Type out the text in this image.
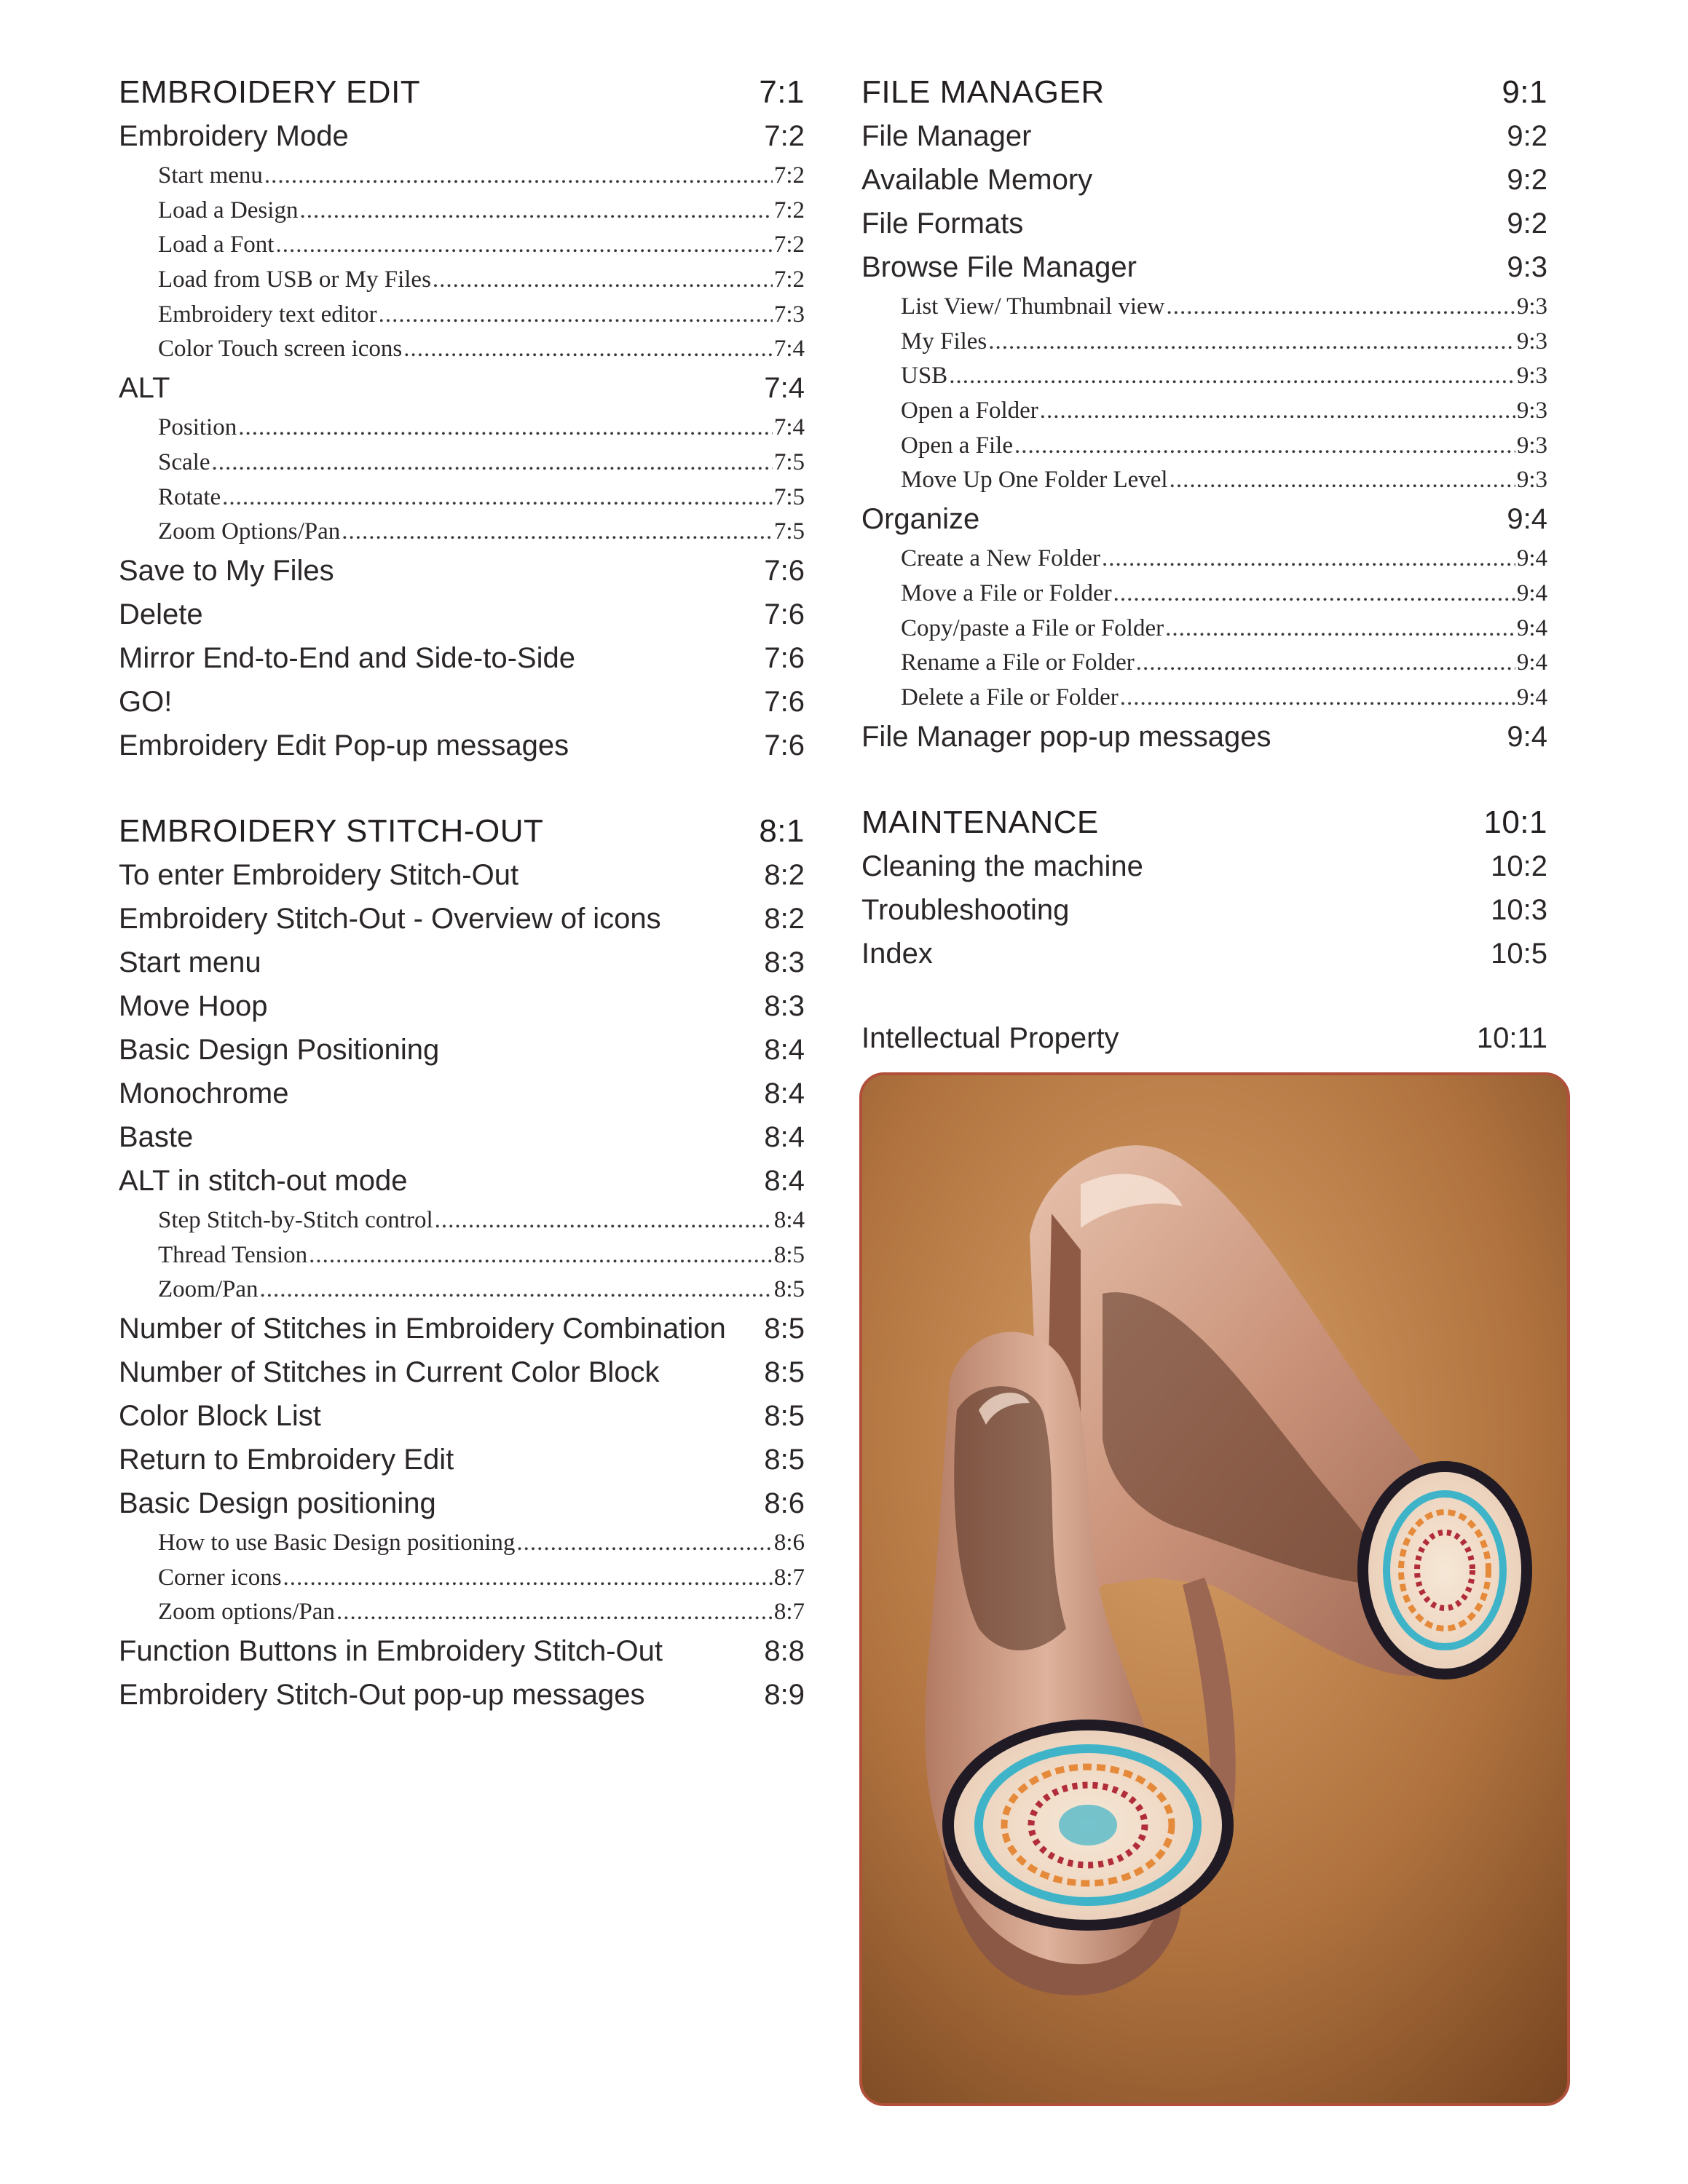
EMBROIDERY EDIT	7:1
Embroidery Mode	7:2
Start menu .....	7:2
Load a Design .....	7:2
Load a Font .....	7:2
Load from USB or My Files .....	7:2
Embroidery text editor .....	7:3
Color Touch screen icons .....	7:4
ALT	7:4
Position .....	7:4
Scale .....	7:5
Rotate .....	7:5
Zoom Options/Pan .....	7:5
Save to My Files	7:6
Delete	7:6
Mirror End-to-End and Side-to-Side	7:6
GO!	7:6
Embroidery Edit Pop-up messages	7:6
EMBROIDERY STITCH-OUT	8:1
To enter Embroidery Stitch-Out	8:2
Embroidery Stitch-Out - Overview of icons	8:2
Start menu	8:3
Move Hoop	8:3
Basic Design Positioning	8:4
Monochrome	8:4
Baste	8:4
ALT in stitch-out mode	8:4
Step Stitch-by-Stitch control .....	8:4
Thread Tension .....	8:5
Zoom/Pan .....	8:5
Number of Stitches in Embroidery Combination 8:5
Number of Stitches in Current Color Block	8:5
Color Block List	8:5
Return to Embroidery Edit	8:5
Basic Design positioning	8:6
How to use Basic Design positioning .....	8:6
Corner icons .....	8:7
Zoom options/Pan .....	8:7
Function Buttons in Embroidery Stitch-Out	8:8
Embroidery Stitch-Out pop-up messages	8:9
FILE MANAGER	9:1
File Manager	9:2
Available Memory	9:2
File Formats	9:2
Browse File Manager	9:3
List View/ Thumbnail view .....	9:3
My Files .....	9:3
USB .....	9:3
Open a Folder .....	9:3
Open a File .....	9:3
Move Up One Folder Level .....	9:3
Organize	9:4
Create a New Folder .....	9:4
Move a File or Folder .....	9:4
Copy/paste a File or Folder .....	9:4
Rename a File or Folder .....	9:4
Delete a File or Folder .....	9:4
File Manager pop-up messages	9:4
MAINTENANCE	10:1
Cleaning the machine	10:2
Troubleshooting	10:3
Index	10:5
Intellectual Property	10:11
